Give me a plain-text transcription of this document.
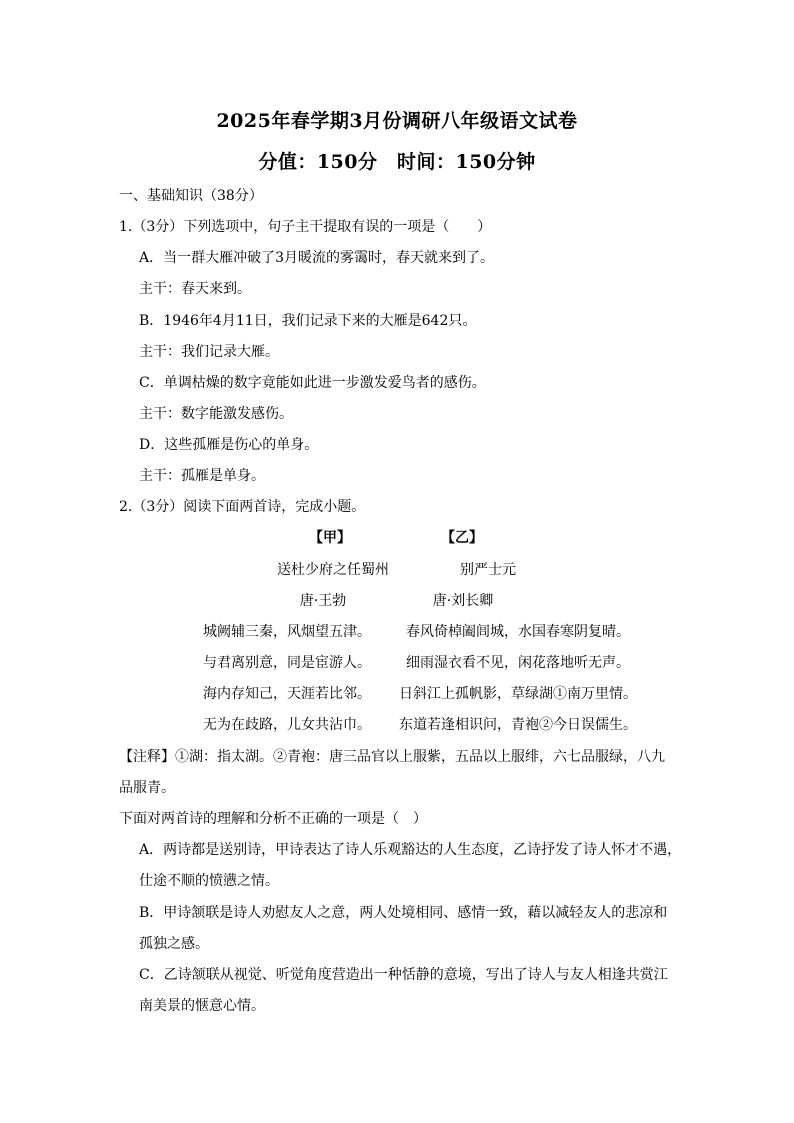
2025年春学期3月份调研八年级语文试卷
分值：150分　时间：150分钟
一、基础知识（38分）
1.（3分）下列选项中，句子主干提取有误的一项是（　　）
A．当一群大雁冲破了3月暖流的雾霭时，春天就来到了。
主干：春天来到。
B．1946年4月11日，我们记录下来的大雁是642只。
主干：我们记录大雁。
C．单调枯燥的数字竟能如此进一步激发爱鸟者的感伤。
主干：数字能激发感伤。
D．这些孤雁是伤心的单身。
主干：孤雁是单身。
2.（3分）阅读下面两首诗，完成小题。
【甲】	【乙】
送杜少府之任蜀州	别严士元
唐·王勃	唐·刘长卿
城阙辅三秦，风烟望五津。	春风倚棹阖闾城，水国春寒阴复晴。
与君离别意，同是宦游人。	细雨湿衣看不见，闲花落地听无声。
海内存知己，天涯若比邻。	日斜江上孤帆影，草绿湖①南万里情。
无为在歧路，儿女共沾巾。	东道若逢相识问，青袍②今日误儒生。
【注释】①湖：指太湖。②青袍：唐三品官以上服紫，五品以上服绯，六七品服绿，八九
品服青。
下面对两首诗的理解和分析不正确的一项是（　）
A．两诗都是送别诗，甲诗表达了诗人乐观豁达的人生态度，乙诗抒发了诗人怀才不遇，
仕途不顺的愤懑之情。
B．甲诗颔联是诗人劝慰友人之意，两人处境相同、感情一致，藉以减轻友人的悲凉和
孤独之感。
C．乙诗颔联从视觉、听觉角度营造出一种恬静的意境，写出了诗人与友人相逢共赏江
南美景的惬意心情。
